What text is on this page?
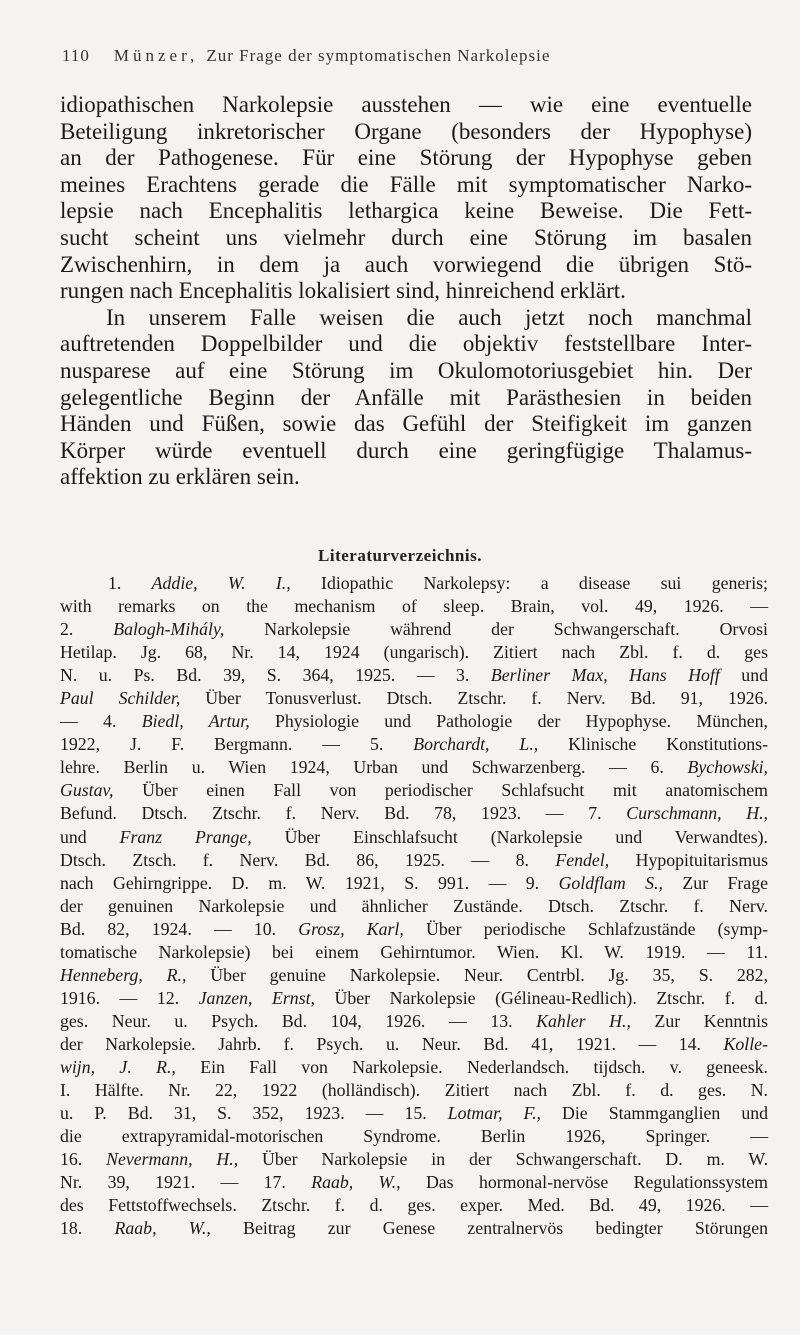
110 Münzer, Zur Frage der symptomatischen Narkolepsie
idiopathischen Narkolepsie ausstehen — wie eine eventuelle
Beteiligung inkretorischer Organe (besonders der Hypophyse)
an der Pathogenese. Für eine Störung der Hypophyse geben
meines Erachtens gerade die Fälle mit symptomatischer Narko-
lepsie nach Encephalitis lethargica keine Beweise. Die Fett-
sucht scheint uns vielmehr durch eine Störung im basalen
Zwischenhirn, in dem ja auch vorwiegend die übrigen Stö-
rungen nach Encephalitis lokalisiert sind, hinreichend erklärt.
In unserem Falle weisen die auch jetzt noch manchmal
auftretenden Doppelbilder und die objektiv feststellbare Inter-
nusparese auf eine Störung im Okulomotoriusgebiet hin. Der
gelegentliche Beginn der Anfälle mit Parästhesien in beiden
Händen und Füßen, sowie das Gefühl der Steifigkeit im ganzen
Körper würde eventuell durch eine geringfügige Thalamus-
affektion zu erklären sein.
Literaturverzeichnis.
1. Addie, W. I., Idiopathic Narkolepsy: a disease sui generis;
with remarks on the mechanism of sleep. Brain, vol. 49, 1926. —
2. Balogh-Mihály, Narkolepsie während der Schwangerschaft. Orvosi
Hetilap. Jg. 68, Nr. 14, 1924 (ungarisch). Zitiert nach Zbl. f. d. ges
N. u. Ps. Bd. 39, S. 364, 1925. — 3. Berliner Max, Hans Hoff und
Paul Schilder, Über Tonusverlust. Dtsch. Ztschr. f. Nerv. Bd. 91, 1926.
— 4. Biedl, Artur, Physiologie und Pathologie der Hypophyse. München,
1922, J. F. Bergmann. — 5. Borchardt, L., Klinische Konstitutions-
lehre. Berlin u. Wien 1924, Urban und Schwarzenberg. — 6. Bychowski,
Gustav, Über einen Fall von periodischer Schlafsucht mit anatomischem
Befund. Dtsch. Ztschr. f. Nerv. Bd. 78, 1923. — 7. Curschmann, H.,
und Franz Prange, Über Einschlafsucht (Narkolepsie und Verwandtes).
Dtsch. Ztsch. f. Nerv. Bd. 86, 1925. — 8. Fendel, Hypopituitarismus
nach Gehirngrippe. D. m. W. 1921, S. 991. — 9. Goldflam S., Zur Frage
der genuinen Narkolepsie und ähnlicher Zustände. Dtsch. Ztschr. f. Nerv.
Bd. 82, 1924. — 10. Grosz, Karl, Über periodische Schlafzustände (symp-
tomatische Narkolepsie) bei einem Gehirntumor. Wien. Kl. W. 1919. — 11.
Henneberg, R., Über genuine Narkolepsie. Neur. Centrbl. Jg. 35, S. 282,
1916. — 12. Janzen, Ernst, Über Narkolepsie (Gélineau-Redlich). Ztschr. f. d.
ges. Neur. u. Psych. Bd. 104, 1926. — 13. Kahler H., Zur Kenntnis
der Narkolepsie. Jahrb. f. Psych. u. Neur. Bd. 41, 1921. — 14. Kolle-
wijn, J. R., Ein Fall von Narkolepsie. Nederlandsch. tijdsch. v. geneesk.
I. Hälfte. Nr. 22, 1922 (holländisch). Zitiert nach Zbl. f. d. ges. N.
u. P. Bd. 31, S. 352, 1923. — 15. Lotmar, F., Die Stammganglien und
die extrapyramidal-motorischen Syndrome. Berlin 1926, Springer. —
16. Nevermann, H., Über Narkolepsie in der Schwangerschaft. D. m. W.
Nr. 39, 1921. — 17. Raab, W., Das hormonal-nervöse Regulationssystem
des Fettstoffwechsels. Ztschr. f. d. ges. exper. Med. Bd. 49, 1926. —
18. Raab, W., Beitrag zur Genese zentralnervös bedingter Störungen
